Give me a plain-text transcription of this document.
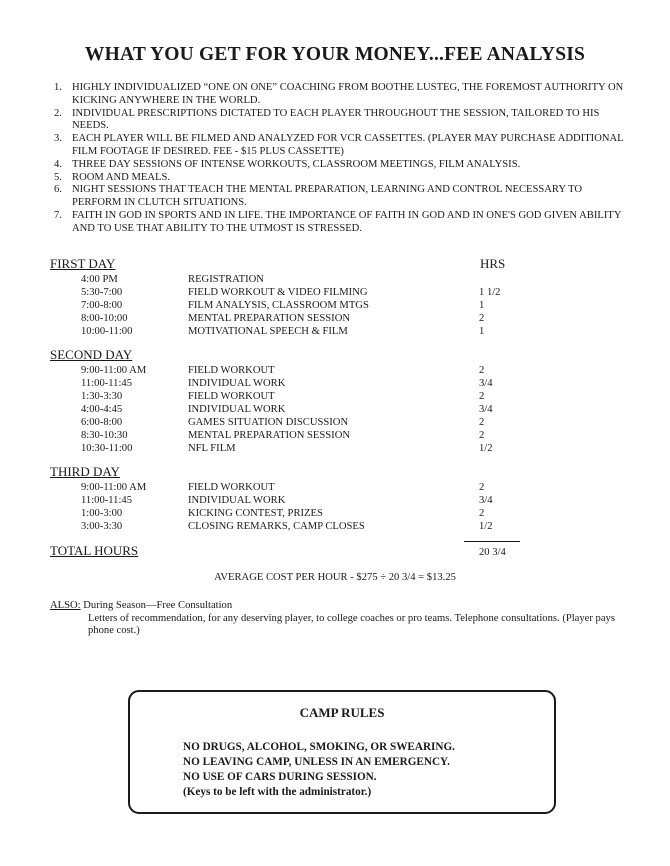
WHAT YOU GET FOR YOUR MONEY...FEE ANALYSIS
1. HIGHLY INDIVIDUALIZED “ONE ON ONE” COACHING FROM BOOTHE LUSTEG, THE FOREMOST AUTHORITY ON KICKING ANYWHERE IN THE WORLD.
2. INDIVIDUAL PRESCRIPTIONS DICTATED TO EACH PLAYER THROUGHOUT THE SESSION, TAILORED TO HIS NEEDS.
3. EACH PLAYER WILL BE FILMED AND ANALYZED FOR VCR CASSETTES. (PLAYER MAY PURCHASE ADDITIONAL FILM FOOTAGE IF DESIRED. FEE - $15 PLUS CASSETTE)
4. THREE DAY SESSIONS OF INTENSE WORKOUTS, CLASSROOM MEETINGS, FILM ANALYSIS.
5. ROOM AND MEALS.
6. NIGHT SESSIONS THAT TEACH THE MENTAL PREPARATION, LEARNING AND CONTROL NECESSARY TO PERFORM IN CLUTCH SITUATIONS.
7. FAITH IN GOD IN SPORTS AND IN LIFE. THE IMPORTANCE OF FAITH IN GOD AND IN ONE'S GOD GIVEN ABILITY AND TO USE THAT ABILITY TO THE UTMOST IS STRESSED.
HRS
FIRST DAY
4:00 PM	REGISTRATION
5:30-7:00	FIELD WORKOUT & VIDEO FILMING	1 1/2
7:00-8:00	FILM ANALYSIS, CLASSROOM MTGS	1
8:00-10:00	MENTAL PREPARATION SESSION	2
10:00-11:00	MOTIVATIONAL SPEECH & FILM	1
SECOND DAY
9:00-11:00 AM	FIELD WORKOUT	2
11:00-11:45	INDIVIDUAL WORK	3/4
1:30-3:30	FIELD WORKOUT	2
4:00-4:45	INDIVIDUAL WORK	3/4
6:00-8:00	GAMES SITUATION DISCUSSION	2
8:30-10:30	MENTAL PREPARATION SESSION	2
10:30-11:00	NFL FILM	1/2
THIRD DAY
9:00-11:00 AM	FIELD WORKOUT	2
11:00-11:45	INDIVIDUAL WORK	3/4
1:00-3:00	KICKING CONTEST, PRIZES	2
3:00-3:30	CLOSING REMARKS, CAMP CLOSES	1/2
TOTAL HOURS	20 3/4
AVERAGE COST PER HOUR - $275 ÷ 20 3/4 = $13.25
ALSO: During Season—Free Consultation
Letters of recommendation, for any deserving player, to college coaches or pro teams. Telephone consultations. (Player pays phone cost.)
CAMP RULES
NO DRUGS, ALCOHOL, SMOKING, OR SWEARING.
NO LEAVING CAMP, UNLESS IN AN EMERGENCY.
NO USE OF CARS DURING SESSION.
(Keys to be left with the administrator.)
